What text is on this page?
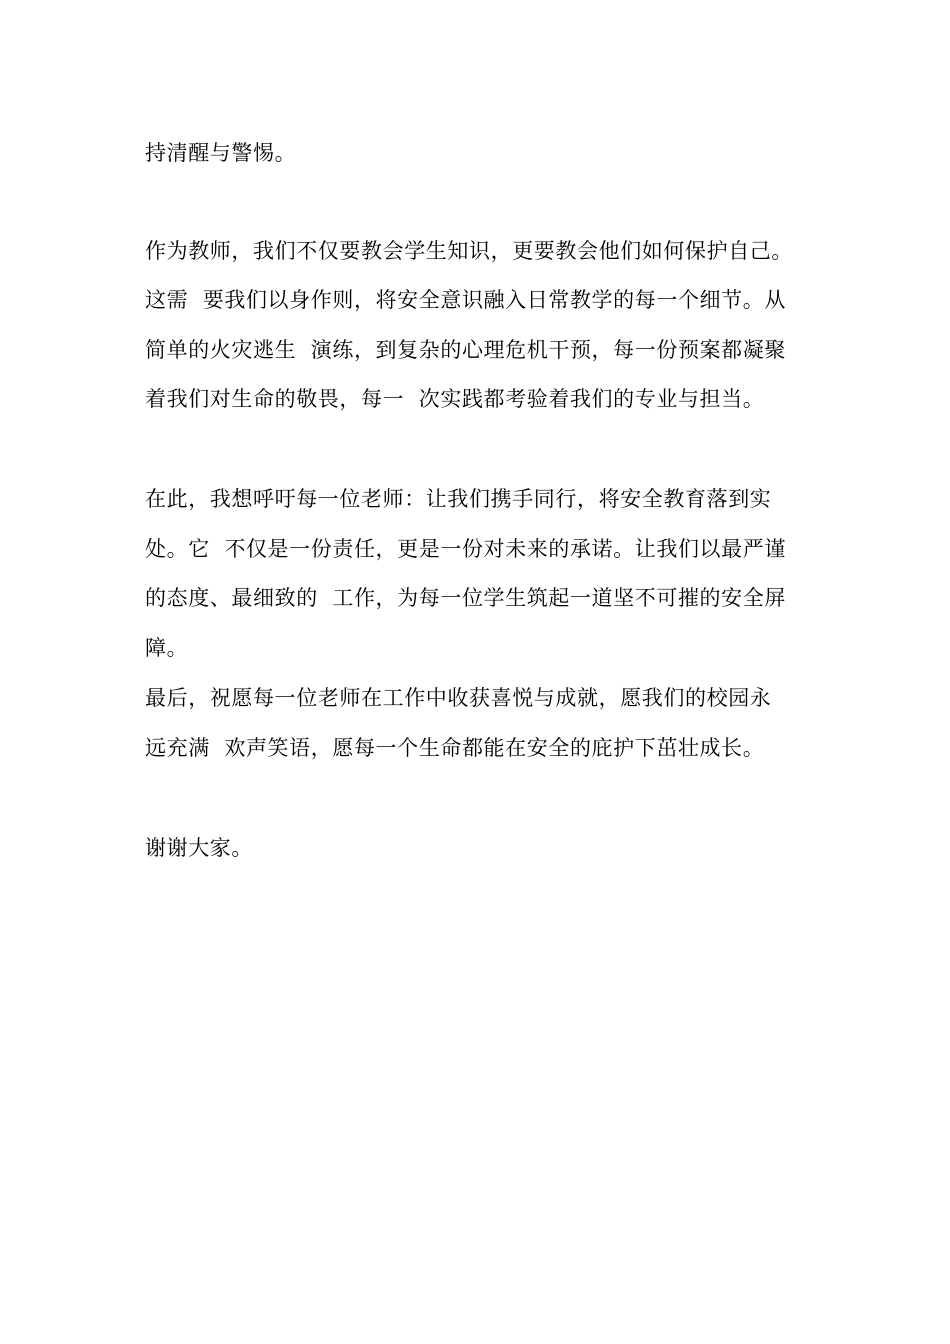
持清醒与警惕。
作为教师，我们不仅要教会学生知识，更要教会他们如何保护自己。
这需  要我们以身作则，将安全意识融入日常教学的每一个细节。从
简单的火灾逃生  演练，到复杂的心理危机干预，每一份预案都凝聚
着我们对生命的敬畏，每一  次实践都考验着我们的专业与担当。
在此，我想呼吁每一位老师：让我们携手同行，将安全教育落到实
处。它  不仅是一份责任，更是一份对未来的承诺。让我们以最严谨
的态度、最细致的  工作，为每一位学生筑起一道坚不可摧的安全屏
障。
最后，祝愿每一位老师在工作中收获喜悦与成就，愿我们的校园永
远充满  欢声笑语，愿每一个生命都能在安全的庇护下茁壮成长。
谢谢大家。
